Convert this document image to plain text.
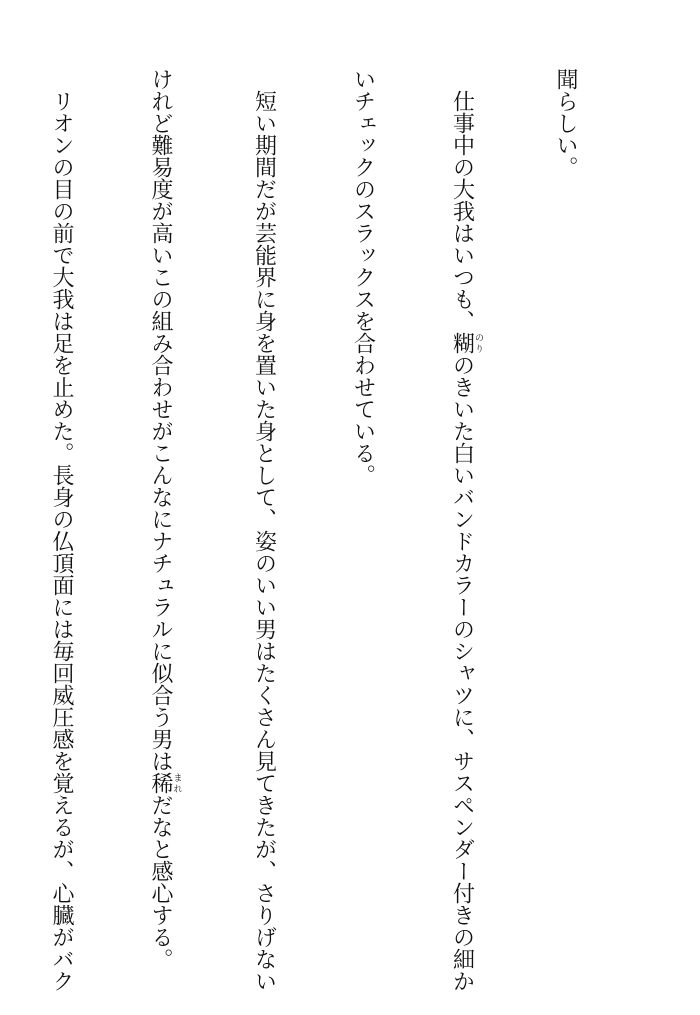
聞らしい。

　仕事中の大我はいつも、糊のりのきいた白いバンドカラーのシャツに、サスペンダー付きの細か

いチェックのスラックスを合わせている。

　短い期間だが芸能界に身を置いた身として、姿のいい男はたくさん見てきたが、さりげない

けれど難易度が高いこの組み合わせがこんなにナチュラルに似合う男は稀まれだなと感心する。

　リオンの目の前で大我は足を止めた。長身の仏頂面には毎回威圧感を覚えるが、心臓がバク
